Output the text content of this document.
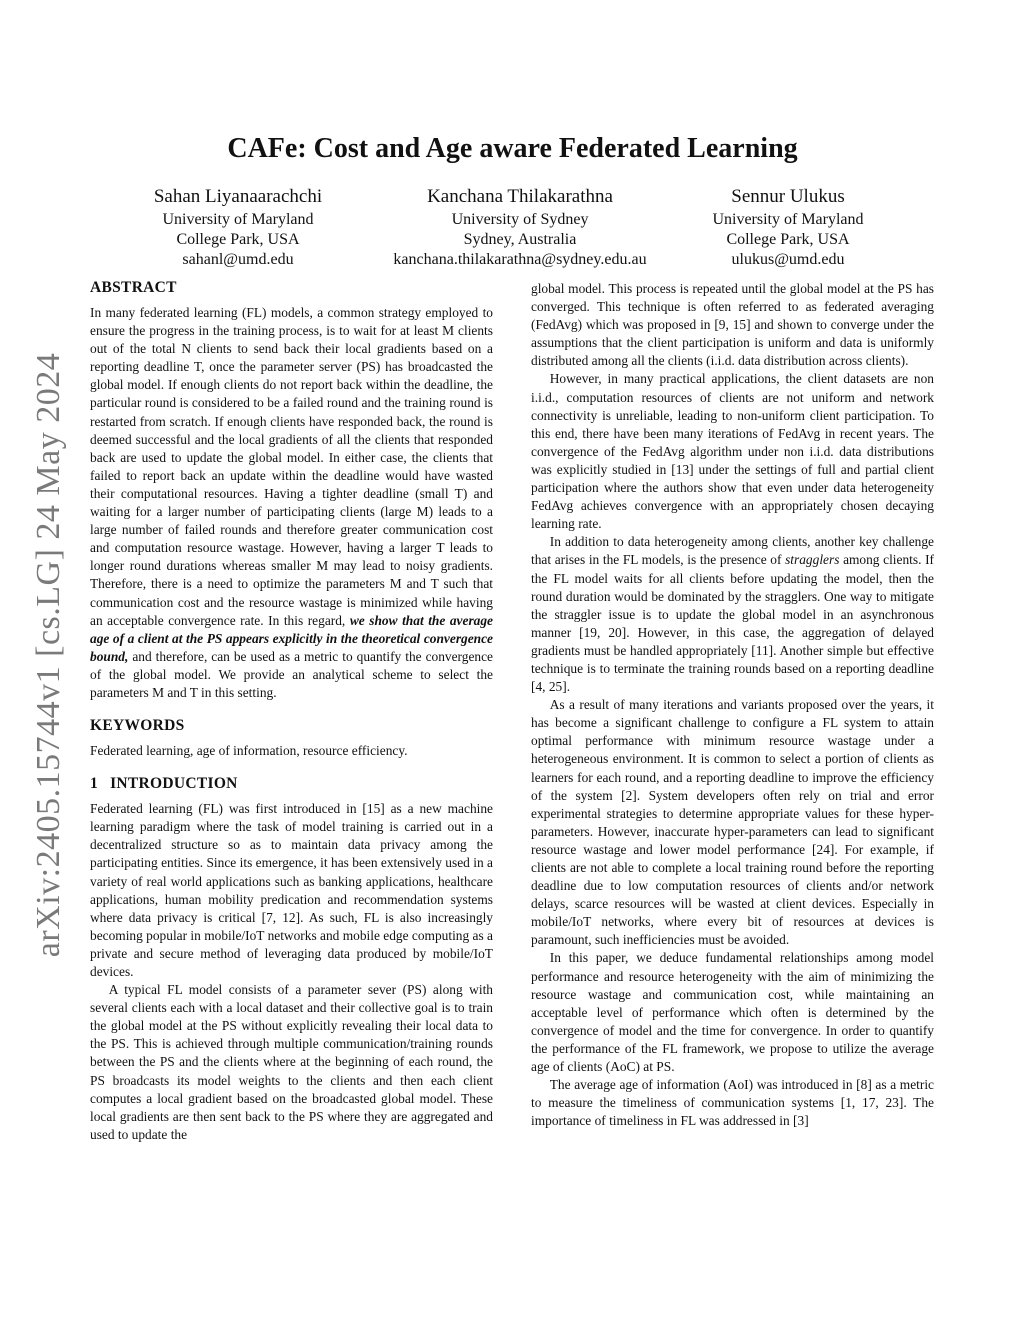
arXiv:2405.15744v1 [cs.LG] 24 May 2024
CAFe: Cost and Age aware Federated Learning
Sahan Liyanaarachchi
University of Maryland
College Park, USA
sahanl@umd.edu
Kanchana Thilakarathna
University of Sydney
Sydney, Australia
kanchana.thilakarathna@sydney.edu.au
Sennur Ulukus
University of Maryland
College Park, USA
ulukus@umd.edu
ABSTRACT

In many federated learning (FL) models, a common strategy employed to ensure the progress in the training process, is to wait for at least M clients out of the total N clients to send back their local gradients based on a reporting deadline T, once the parameter server (PS) has broadcasted the global model. If enough clients do not report back within the deadline, the particular round is considered to be a failed round and the training round is restarted from scratch. If enough clients have responded back, the round is deemed successful and the local gradients of all the clients that responded back are used to update the global model. In either case, the clients that failed to report back an update within the deadline would have wasted their computational resources. Having a tighter deadline (small T) and waiting for a larger number of participating clients (large M) leads to a large number of failed rounds and therefore greater communication cost and computation resource wastage. However, having a larger T leads to longer round durations whereas smaller M may lead to noisy gradients. Therefore, there is a need to optimize the parameters M and T such that communication cost and the resource wastage is minimized while having an acceptable convergence rate. In this regard, we show that the average age of a client at the PS appears explicitly in the theoretical convergence bound, and therefore, can be used as a metric to quantify the convergence of the global model. We provide an analytical scheme to select the parameters M and T in this setting.

KEYWORDS

Federated learning, age of information, resource efficiency.

1 INTRODUCTION

Federated learning (FL) was first introduced in [15] as a new machine learning paradigm where the task of model training is carried out in a decentralized structure so as to maintain data privacy among the participating entities. Since its emergence, it has been extensively used in a variety of real world applications such as banking applications, healthcare applications, human mobility predication and recommendation systems where data privacy is critical [7, 12]. As such, FL is also increasingly becoming popular in mobile/IoT networks and mobile edge computing as a private and secure method of leveraging data produced by mobile/IoT devices.

A typical FL model consists of a parameter sever (PS) along with several clients each with a local dataset and their collective goal is to train the global model at the PS without explicitly revealing their local data to the PS. This is achieved through multiple communication/training rounds between the PS and the clients where at the beginning of each round, the PS broadcasts its model weights to the clients and then each client computes a local gradient based on the broadcasted global model. These local gradients are then sent back to the PS where they are aggregated and used to update the

global model. This process is repeated until the global model at the PS has converged. This technique is often referred to as federated averaging (FedAvg) which was proposed in [9, 15] and shown to converge under the assumptions that the client participation is uniform and data is uniformly distributed among all the clients (i.i.d. data distribution across clients).

However, in many practical applications, the client datasets are non i.i.d., computation resources of clients are not uniform and network connectivity is unreliable, leading to non-uniform client participation. To this end, there have been many iterations of FedAvg in recent years. The convergence of the FedAvg algorithm under non i.i.d. data distributions was explicitly studied in [13] under the settings of full and partial client participation where the authors show that even under data heterogeneity FedAvg achieves convergence with an appropriately chosen decaying learning rate.

In addition to data heterogeneity among clients, another key challenge that arises in the FL models, is the presence of stragglers among clients. If the FL model waits for all clients before updating the model, then the round duration would be dominated by the stragglers. One way to mitigate the straggler issue is to update the global model in an asynchronous manner [19, 20]. However, in this case, the aggregation of delayed gradients must be handled appropriately [11]. Another simple but effective technique is to terminate the training rounds based on a reporting deadline [4, 25].

As a result of many iterations and variants proposed over the years, it has become a significant challenge to configure a FL system to attain optimal performance with minimum resource wastage under a heterogeneous environment. It is common to select a portion of clients as learners for each round, and a reporting deadline to improve the efficiency of the system [2]. System developers often rely on trial and error experimental strategies to determine appropriate values for these hyper-parameters. However, inaccurate hyper-parameters can lead to significant resource wastage and lower model performance [24]. For example, if clients are not able to complete a local training round before the reporting deadline due to low computation resources of clients and/or network delays, scarce resources will be wasted at client devices. Especially in mobile/IoT networks, where every bit of resources at devices is paramount, such inefficiencies must be avoided.

In this paper, we deduce fundamental relationships among model performance and resource heterogeneity with the aim of minimizing the resource wastage and communication cost, while maintaining an acceptable level of performance which often is determined by the convergence of model and the time for convergence. In order to quantify the performance of the FL framework, we propose to utilize the average age of clients (AoC) at PS.

The average age of information (AoI) was introduced in [8] as a metric to measure the timeliness of communication systems [1, 17, 23]. The importance of timeliness in FL was addressed in [3]
